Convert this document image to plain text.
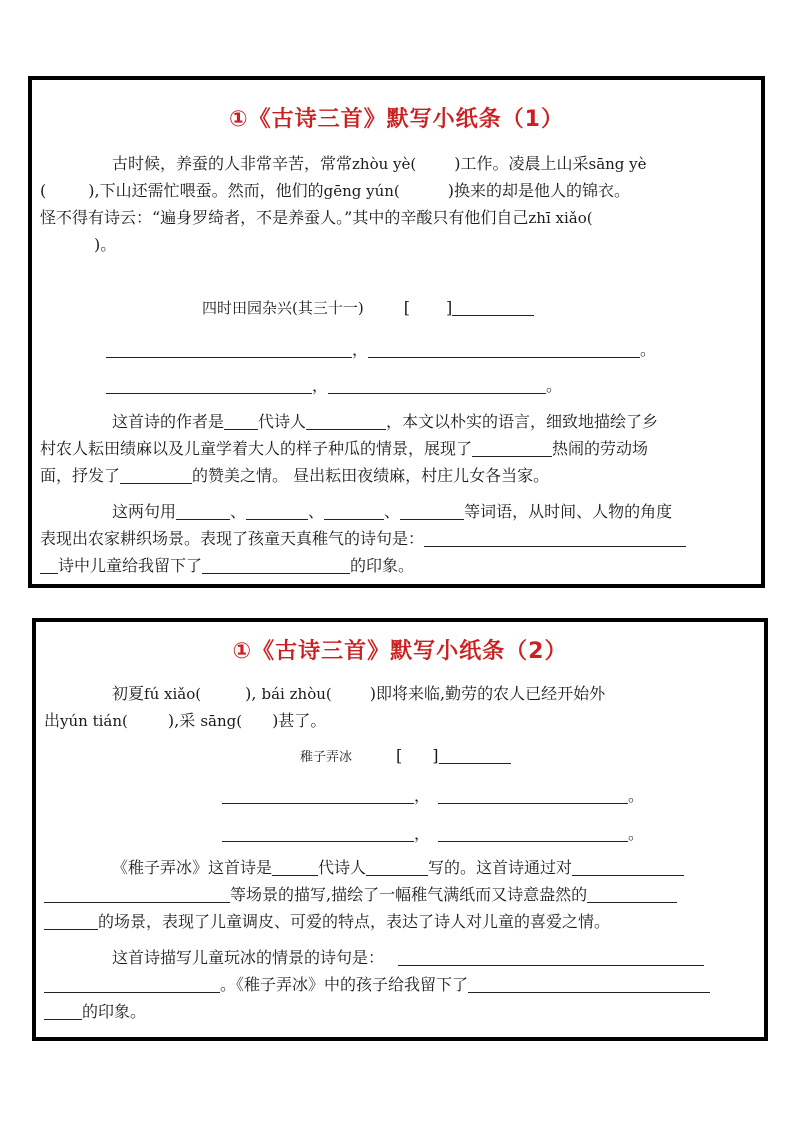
①《古诗三首》默写小纸条（1）
古时候，养蚕的人非常辛苦，常常zhòu yè( )工作。凌晨上山采sāng yè
(	),下山还需忙喂蚕。然而，他们的gēng yún(	)换来的却是他人的锦衣。
怪不得有诗云：“遍身罗绮者，不是养蚕人。”其中的辛酸只有他们自己zhī xiǎo(
)。
四时田园杂兴(其三十一)	[ ]
，	。
，	。
这首诗的作者是 代诗人	，本文以朴实的语言，细致地描绘了乡
村农人耘田绩麻以及儿童学着大人的样子种瓜的情景，展现了	热闹的劳动场
面，抒发了	的赞美之情。 昼出耘田夜绩麻，村庄儿女各当家。
这两句用	、	、	、	等词语，从时间、人物的角度
表现出农家耕织场景。表现了孩童天真稚气的诗句是：
诗中儿童给我留下了	的印象。
①《古诗三首》默写小纸条（2）
初夏fú xiǎo(	), bái zhòu( )即将来临,勤劳的农人已经开始外
出yún tián(	),采 sāng( )甚了。
稚子弄冰	[ ]
，	。
，	。
《稚子弄冰》这首诗是	代诗人	写的。这首诗通过对
等场景的描写,描绘了一幅稚气满纸而又诗意盎然的
的场景，表现了儿童调皮、可爱的特点，表达了诗人对儿童的喜爱之情。
这首诗描写儿童玩冰的情景的诗句是：
。《稚子弄冰》中的孩子给我留下了
的印象。
